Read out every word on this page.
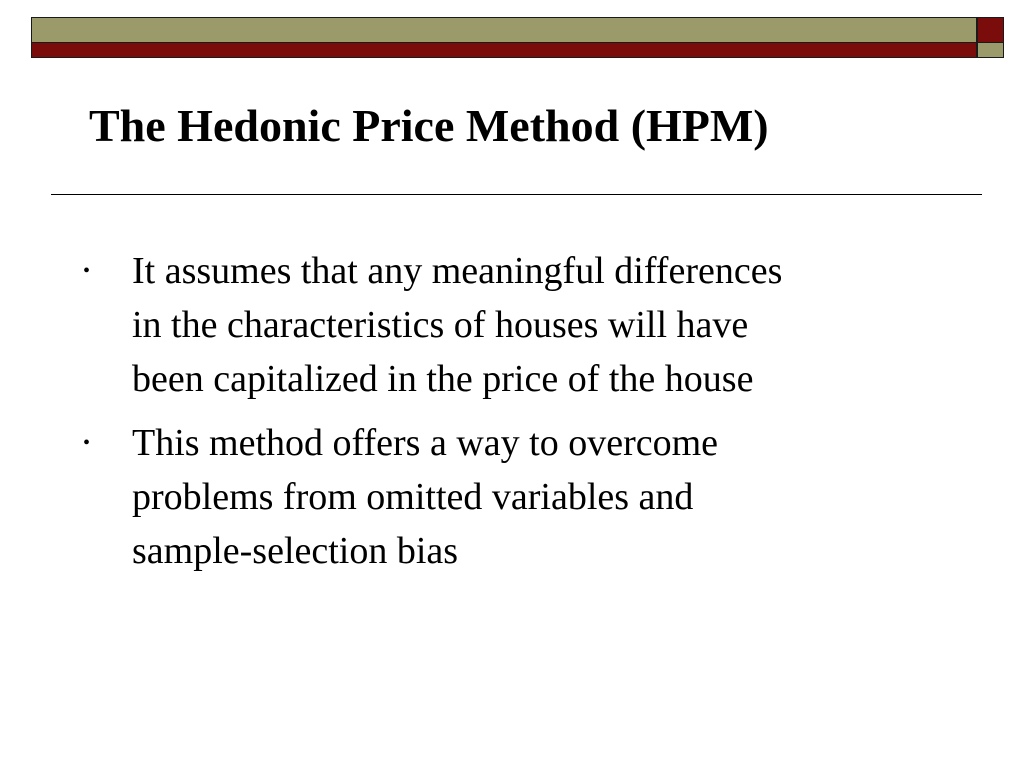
The Hedonic Price Method (HPM)
• It assumes that any meaningful differences
in the characteristics of houses will have
been capitalized in the price of the house
• This method offers a way to overcome
problems from omitted variables and
sample-selection bias
